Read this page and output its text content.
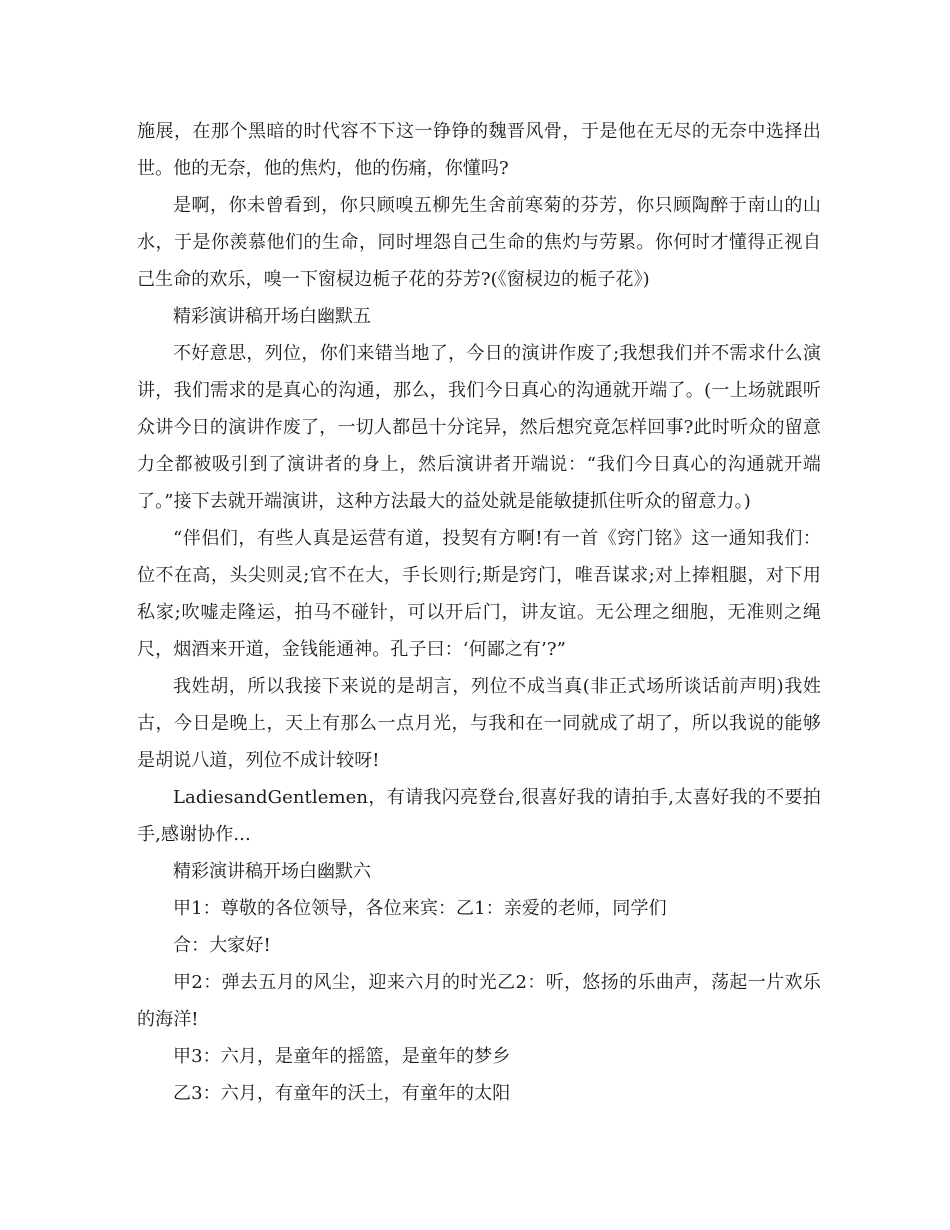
施展，在那个黑暗的时代容不下这一铮铮的魏晋风骨，于是他在无尽的无奈中选择出世。他的无奈，他的焦灼，他的伤痛，你懂吗?

是啊，你未曾看到，你只顾嗅五柳先生舍前寒菊的芬芳，你只顾陶醉于南山的山水，于是你羡慕他们的生命，同时埋怨自己生命的焦灼与劳累。你何时才懂得正视自己生命的欢乐，嗅一下窗棂边栀子花的芬芳?(《窗棂边的栀子花》)

精彩演讲稿开场白幽默五

不好意思，列位，你们来错当地了，今日的演讲作废了;我想我们并不需求什么演讲，我们需求的是真心的沟通，那么，我们今日真心的沟通就开端了。(一上场就跟听众讲今日的演讲作废了，一切人都邑十分诧异，然后想究竟怎样回事?此时听众的留意力全都被吸引到了演讲者的身上，然后演讲者开端说：“我们今日真心的沟通就开端了。”接下去就开端演讲，这种方法最大的益处就是能敏捷抓住听众的留意力。)

“伴侣们，有些人真是运营有道，投契有方啊!有一首《窍门铭》这一通知我们：位不在高，头尖则灵;官不在大，手长则行;斯是窍门，唯吾谋求;对上捧粗腿，对下用私家;吹嘘走隆运，拍马不碰针，可以开后门，讲友谊。无公理之细胞，无准则之绳尺，烟酒来开道，金钱能通神。孔子曰：‘何鄙之有’?”

我姓胡，所以我接下来说的是胡言，列位不成当真(非正式场所谈话前声明)我姓古，今日是晚上，天上有那么一点月光，与我和在一同就成了胡了，所以我说的能够是胡说八道，列位不成计较呀!

LadiesandGentlemen，有请我闪亮登台,很喜好我的请拍手,太喜好我的不要拍手,感谢协作...

精彩演讲稿开场白幽默六

甲1：尊敬的各位领导，各位来宾：乙1：亲爱的老师，同学们

合：大家好!

甲2：弹去五月的风尘，迎来六月的时光乙2：听，悠扬的乐曲声，荡起一片欢乐的海洋!

甲3：六月，是童年的摇篮，是童年的梦乡

乙3：六月，有童年的沃土，有童年的太阳
